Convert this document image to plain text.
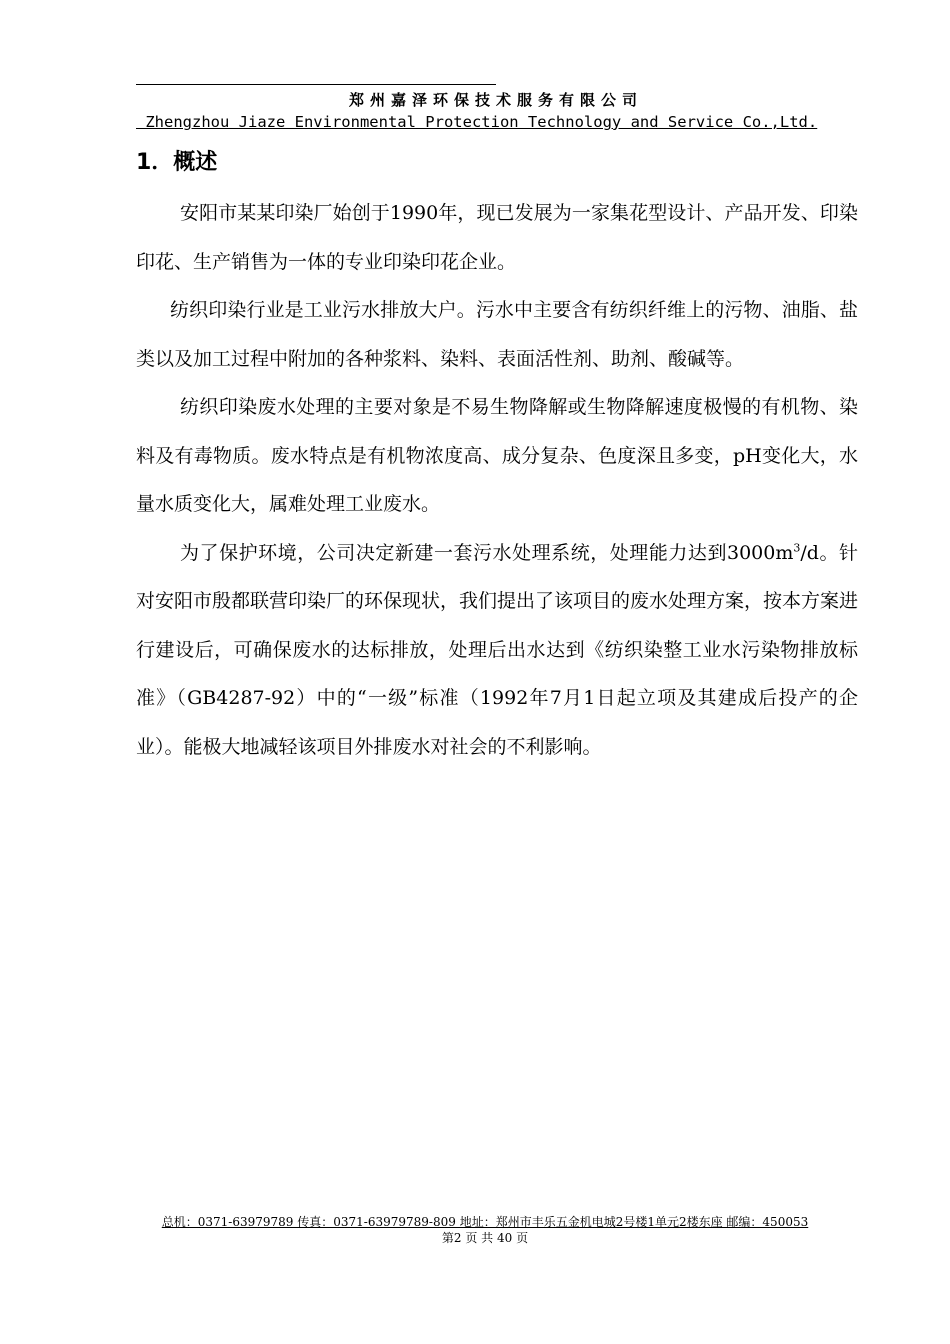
郑州嘉泽环保技术服务有限公司
Zhengzhou Jiaze Environmental Protection Technology and Service Co.,Ltd.
1．概述

安阳市某某印染厂始创于1990年，现已发展为一家集花型设计、产品开发、印染印花、生产销售为一体的专业印染印花企业。

纺织印染行业是工业污水排放大户。污水中主要含有纺织纤维上的污物、油脂、盐类以及加工过程中附加的各种浆料、染料、表面活性剂、助剂、酸碱等。

纺织印染废水处理的主要对象是不易生物降解或生物降解速度极慢的有机物、染料及有毒物质。废水特点是有机物浓度高、成分复杂、色度深且多变，pH变化大，水量水质变化大，属难处理工业废水。

为了保护环境，公司决定新建一套污水处理系统，处理能力达到$3000m^3/d$。针对安阳市殷都联营印染厂的环保现状，我们提出了该项目的废水处理方案，按本方案进行建设后，可确保废水的达标排放，处理后出水达到《纺织染整工业水污染物排放标准》（GB4287-92）中的“一级”标准（1992年7月1日起立项及其建成后投产的企业）。能极大地减轻该项目外排废水对社会的不利影响。

总机：0371-63979789 传真：0371-63979789-809 地址：郑州市丰乐五金机电城2号楼1单元2楼东座 邮编：450053
第2 页 共 40 页
